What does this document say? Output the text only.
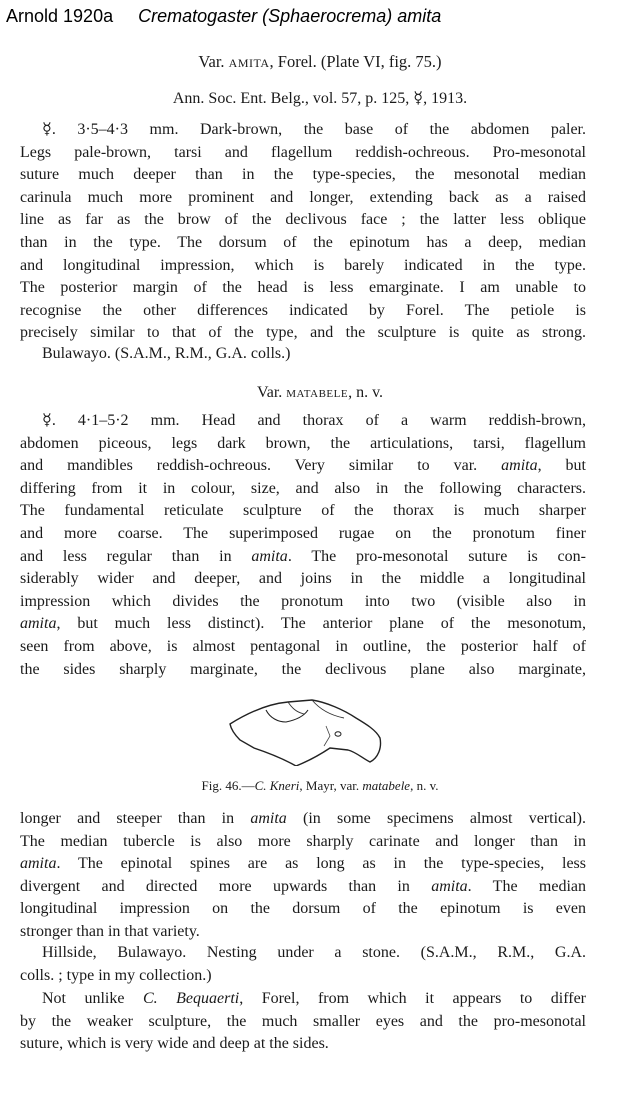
Arnold 1920a Crematogaster (Sphaerocrema) amita
Var. amita, Forel. (Plate VI, fig. 75.)
Ann. Soc. Ent. Belg., vol. 57, p. 125, ☿, 1913.
☿. 3·5–4·3 mm. Dark-brown, the base of the abdomen paler.
Legs pale-brown, tarsi and flagellum reddish-ochreous. Pro-mesonotal
suture much deeper than in the type-species, the mesonotal median
carinula much more prominent and longer, extending back as a raised
line as far as the brow of the declivous face ; the latter less oblique
than in the type. The dorsum of the epinotum has a deep, median
and longitudinal impression, which is barely indicated in the type.
The posterior margin of the head is less emarginate. I am unable to
recognise the other differences indicated by Forel. The petiole is
precisely similar to that of the type, and the sculpture is quite as strong.
Bulawayo. (S.A.M., R.M., G.A. colls.)
Var. matabele, n. v.
☿. 4·1–5·2 mm. Head and thorax of a warm reddish-brown,
abdomen piceous, legs dark brown, the articulations, tarsi, flagellum
and mandibles reddish-ochreous. Very similar to var. amita, but
differing from it in colour, size, and also in the following characters.
The fundamental reticulate sculpture of the thorax is much sharper
and more coarse. The superimposed rugae on the pronotum finer
and less regular than in amita. The pro-mesonotal suture is con-
siderably wider and deeper, and joins in the middle a longitudinal
impression which divides the pronotum into two (visible also in
amita, but much less distinct). The anterior plane of the mesonotum,
seen from above, is almost pentagonal in outline, the posterior half of
the sides sharply marginate, the declivous plane also marginate,
Fig. 46.—C. Kneri, Mayr, var. matabele, n. v.
longer and steeper than in amita (in some specimens almost vertical).
The median tubercle is also more sharply carinate and longer than in
amita. The epinotal spines are as long as in the type-species, less
divergent and directed more upwards than in amita. The median
longitudinal impression on the dorsum of the epinotum is even
stronger than in that variety.
Hillside, Bulawayo. Nesting under a stone. (S.A.M., R.M., G.A.
colls. ; type in my collection.)
Not unlike C. Bequaerti, Forel, from which it appears to differ
by the weaker sculpture, the much smaller eyes and the pro-mesonotal
suture, which is very wide and deep at the sides.
